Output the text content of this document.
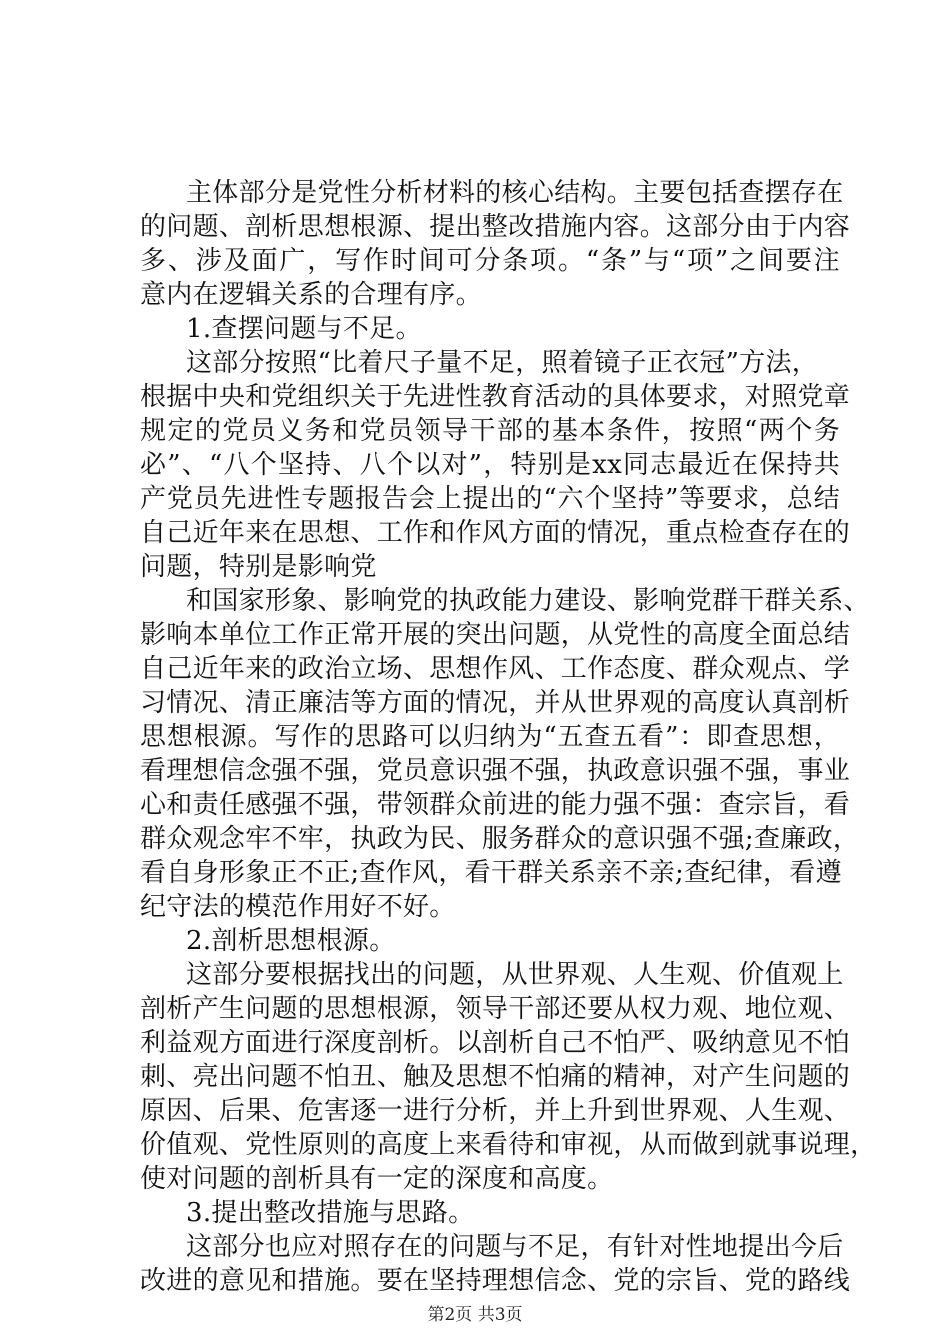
主体部分是党性分析材料的核心结构。主要包括查摆存在
的问题、剖析思想根源、提出整改措施内容。这部分由于内容
多、涉及面广，写作时间可分条项。“条”与“项”之间要注
意内在逻辑关系的合理有序。
1.查摆问题与不足。
这部分按照“比着尺子量不足，照着镜子正衣冠”方法，
根据中央和党组织关于先进性教育活动的具体要求，对照党章
规定的党员义务和党员领导干部的基本条件，按照“两个务
必”、“八个坚持、八个以对”，特别是xx同志最近在保持共
产党员先进性专题报告会上提出的“六个坚持”等要求，总结
自己近年来在思想、工作和作风方面的情况，重点检查存在的
问题，特别是影响党
和国家形象、影响党的执政能力建设、影响党群干群关系、
影响本单位工作正常开展的突出问题，从党性的高度全面总结
自己近年来的政治立场、思想作风、工作态度、群众观点、学
习情况、清正廉洁等方面的情况，并从世界观的高度认真剖析
思想根源。写作的思路可以归纳为“五查五看”：即查思想，
看理想信念强不强，党员意识强不强，执政意识强不强，事业
心和责任感强不强，带领群众前进的能力强不强：查宗旨，看
群众观念牢不牢，执政为民、服务群众的意识强不强;查廉政，
看自身形象正不正;查作风，看干群关系亲不亲;查纪律，看遵
纪守法的模范作用好不好。
2.剖析思想根源。
这部分要根据找出的问题，从世界观、人生观、价值观上
剖析产生问题的思想根源，领导干部还要从权力观、地位观、
利益观方面进行深度剖析。以剖析自己不怕严、吸纳意见不怕
刺、亮出问题不怕丑、触及思想不怕痛的精神，对产生问题的
原因、后果、危害逐一进行分析，并上升到世界观、人生观、
价值观、党性原则的高度上来看待和审视，从而做到就事说理，
使对问题的剖析具有一定的深度和高度。
3.提出整改措施与思路。
这部分也应对照存在的问题与不足，有针对性地提出今后
改进的意见和措施。要在坚持理想信念、党的宗旨、党的路线
第2页 共3页
